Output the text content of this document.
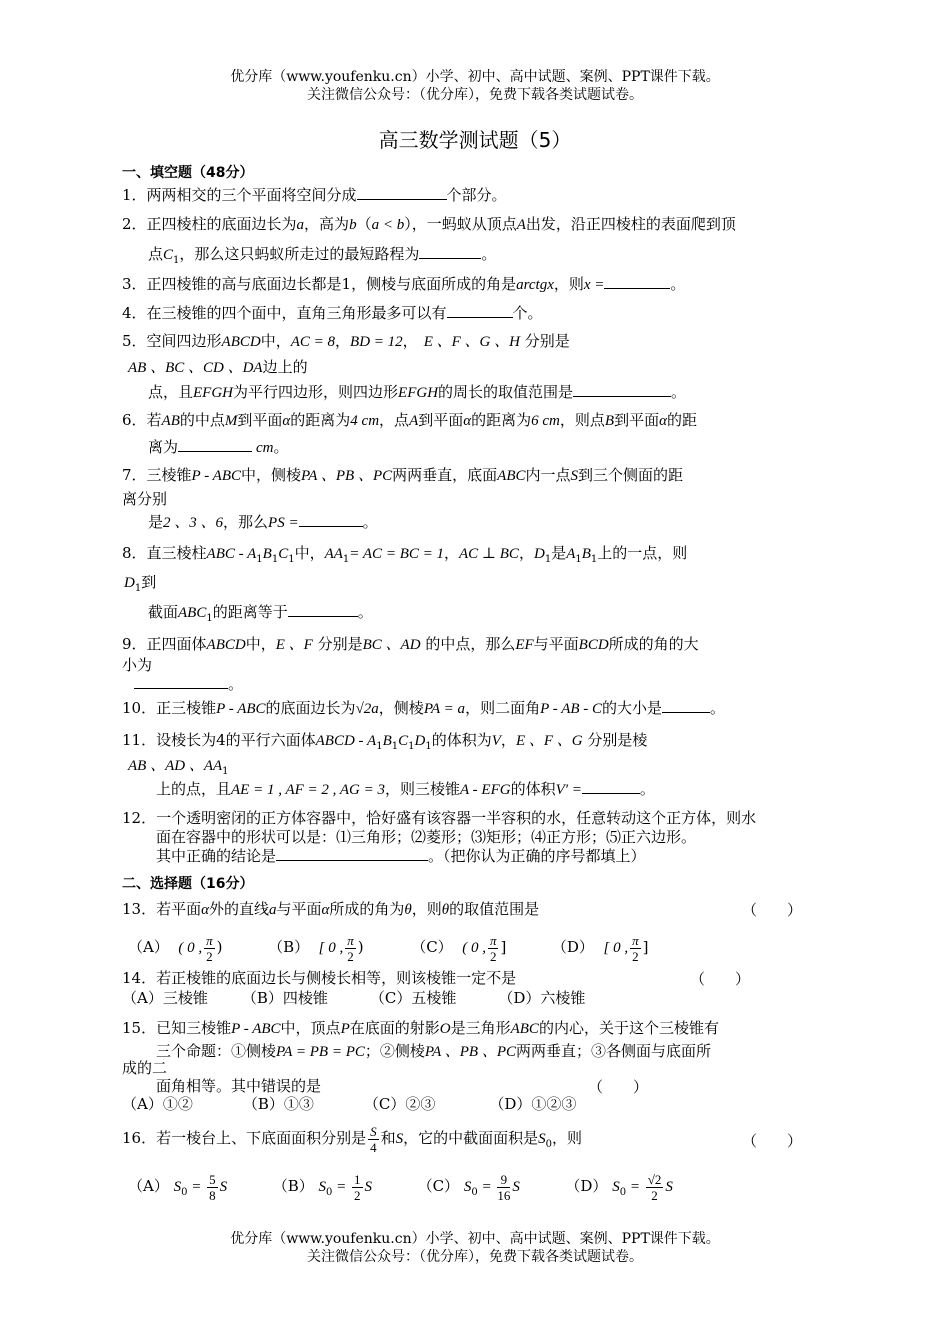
优分库（www.youfenku.cn）小学、初中、高中试题、案例、PPT课件下载。
关注微信公众号：（优分库），免费下载各类试题试卷。
高三数学测试题（5）
一、填空题（48分）
1．两两相交的三个平面将空间分成	个部分。
2．正四棱柱的底面边长为a，高为b（a < b），一蚂蚁从顶点A出发，沿正四棱柱的表面爬到顶
点$C_1$，那么这只蚂蚁所走过的最短路程为	。
3．正四棱锥的高与底面边长都是1，侧棱与底面所成的角是arctgx，则x =	。
4．在三棱锥的四个面中，直角三角形最多可以有	个。
5．空间四边形ABCD中，AC = 8，BD = 12， E 、F 、G 、H 分别是
AB 、BC 、CD 、DA边上的
点，且EFGH为平行四边形，则四边形EFGH的周长的取值范围是	。
6．若AB的中点M到平面α的距离为4 cm，点A到平面α的距离为6 cm，则点B到平面α的距
离为	cm。
7．三棱锥P - ABC中，侧棱PA 、PB 、PC两两垂直，底面ABC内一点S到三个侧面的距
离分别
是2 、3 、6，那么PS =	。
8．直三棱柱ABC - $A_1B_1C_1$中，$AA_1=$ AC = BC = 1，AC ⊥ BC，$D_1$是$A_1B_1$上的一点，则
$D_1$到
截面$ABC_1$的距离等于	。
9．正四面体ABCD中，E 、F 分别是BC 、AD 的中点，那么EF与平面BCD所成的角的大
小为
。
10．正三棱锥P - ABC的底面边长为√2a，侧棱PA = a，则二面角P - AB - C的大小是	。
11．设棱长为4的平行六面体ABCD - $A_1B_1C_1D_1$的体积为V，E 、F 、G 分别是棱
AB 、AD 、$AA_1$
上的点，且AE = 1 , AF = 2 , AG = 3，则三棱锥A - EFG的体积V′ =	。
12．一个透明密闭的正方体容器中，恰好盛有该容器一半容积的水，任意转动这个正方体，则水
面在容器中的形状可以是：⑴三角形；⑵菱形；⑶矩形；⑷正方形；⑸正六边形。
其中正确的结论是	。（把你认为正确的序号都填上）
二、选择题（16分）
13．若平面α外的直线a与平面α所成的角为θ，则θ的取值范围是	（　　）
（A） ( 0 , $\frac{\pi}{2}$ )	（B） [ 0 , $\frac{\pi}{2}$ )	（C） ( 0 , $\frac{\pi}{2}$ ]	（D） [ 0 , $\frac{\pi}{2}$ ]
14．若正棱锥的底面边长与侧棱长相等，则该棱锥一定不是	（　　）
（A）三棱锥 （B）四棱锥	（C）五棱锥	（D）六棱锥
15．已知三棱锥P - ABC中，顶点P在底面的射影O是三角形ABC的内心，关于这个三棱锥有
三个命题：①侧棱PA = PB = PC；②侧棱PA 、PB 、PC两两垂直；③各侧面与底面所
成的二
面角相等。其中错误的是	（　　）
（A）①②	（B）①③	（C）②③	（D）①②③
16．若一棱台上、下底面面积分别是 $\frac{S}{4}$ 和S，它的中截面面积是$S_0$，则	（　　）
（A） $S_0 = \frac{5}{8}$ S	（B） $S_0 = \frac{1}{2}$ S	（C） $S_0 = \frac{9}{16}$ S	（D） $S_0 = \frac{√2}{2}$ S
优分库（www.youfenku.cn）小学、初中、高中试题、案例、PPT课件下载。
关注微信公众号：（优分库），免费下载各类试题试卷。
